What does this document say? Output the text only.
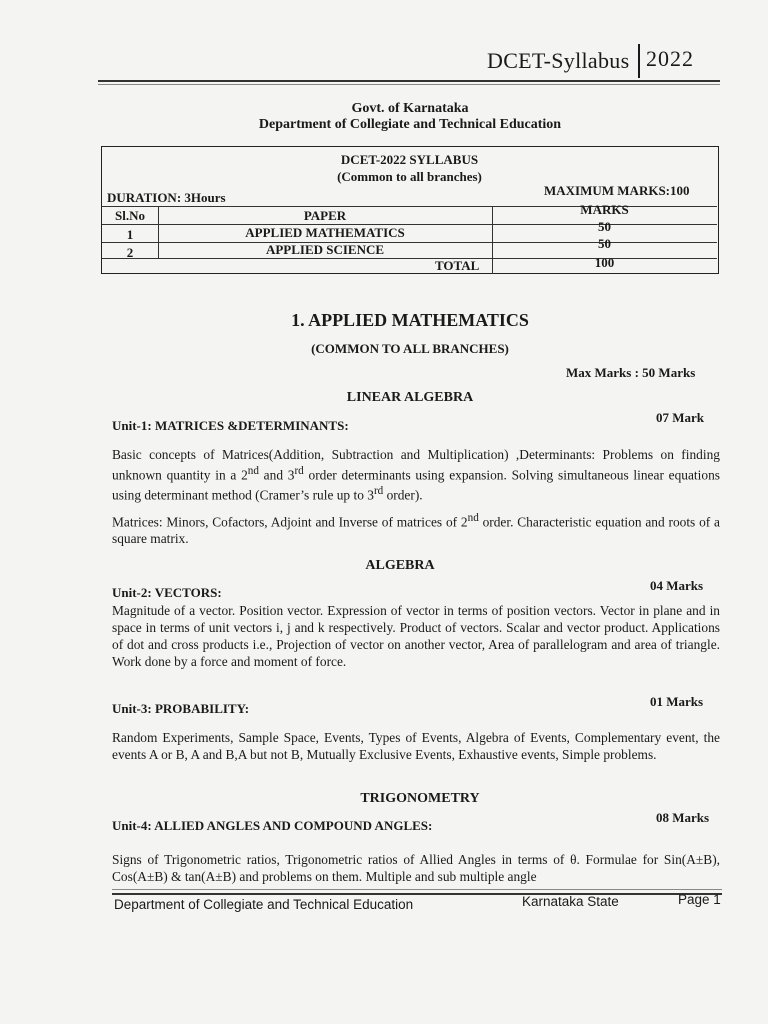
DCET-Syllabus 2022
Govt. of Karnataka
Department of Collegiate and Technical Education
DCET-2022 SYLLABUS
(Common to all branches)
DURATION: 3Hours	MAXIMUM MARKS:100
Sl.No	PAPER	MARKS
1	APPLIED MATHEMATICS	50
2	APPLIED SCIENCE	50
TOTAL	100
1. APPLIED MATHEMATICS
(COMMON TO ALL BRANCHES)
Max Marks : 50 Marks
LINEAR ALGEBRA
Unit-1: MATRICES &DETERMINANTS:
07 Mark
Basic concepts of Matrices(Addition, Subtraction and Multiplication) ,Determinants: Problems on finding unknown quantity in a 2nd and 3rd order determinants using expansion. Solving simultaneous linear equations using determinant method (Cramer’s rule up to 3rd order).
Matrices: Minors, Cofactors, Adjoint and Inverse of matrices of 2nd order. Characteristic equation and roots of a square matrix.
ALGEBRA
Unit-2: VECTORS:	04 Marks
Magnitude of a vector. Position vector. Expression of vector in terms of position vectors. Vector in plane and in space in terms of unit vectors i, j and k respectively. Product of vectors. Scalar and vector product. Applications of dot and cross products i.e., Projection of vector on another vector, Area of parallelogram and area of triangle. Work done by a force and moment of force.
Unit-3: PROBABILITY:	01 Marks
Random Experiments, Sample Space, Events, Types of Events, Algebra of Events, Complementary event, the events A or B, A and B,A but not B, Mutually Exclusive Events, Exhaustive events, Simple problems.
TRIGONOMETRY
Unit-4: ALLIED ANGLES AND COMPOUND ANGLES:
08 Marks
Signs of Trigonometric ratios, Trigonometric ratios of Allied Angles in terms of θ. Formulae for Sin(A±B), Cos(A±B) & tan(A±B) and problems on them. Multiple and sub multiple angle
Department of Collegiate and Technical Education	Karnataka State	Page 1
